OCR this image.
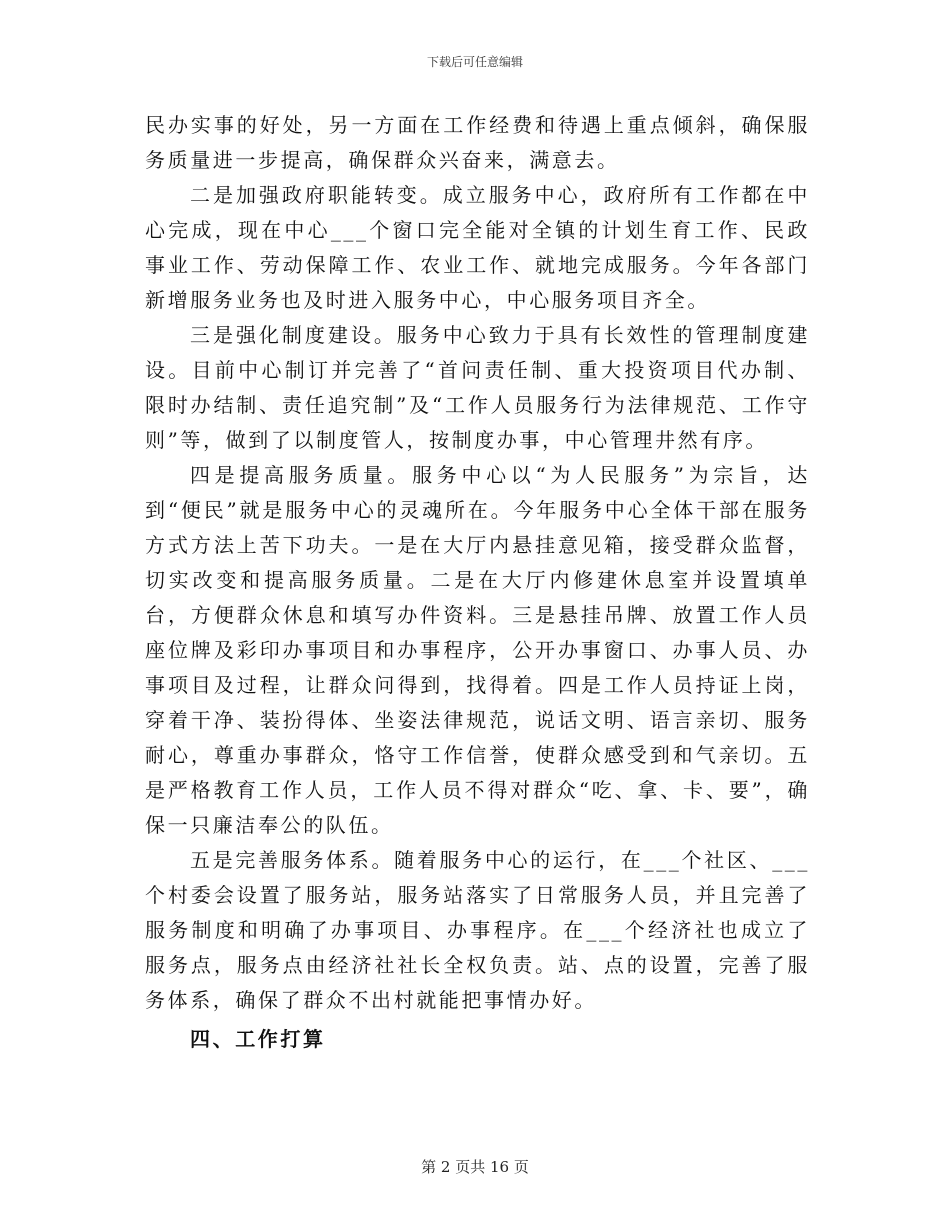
下载后可任意编辑

民办实事的好处，另一方面在工作经费和待遇上重点倾斜，确保服务质量进一步提高，确保群众兴奋来，满意去。

二是加强政府职能转变。成立服务中心，政府所有工作都在中心完成，现在中心___个窗口完全能对全镇的计划生育工作、民政事业工作、劳动保障工作、农业工作、就地完成服务。今年各部门新增服务业务也及时进入服务中心，中心服务项目齐全。

三是强化制度建设。服务中心致力于具有长效性的管理制度建设。目前中心制订并完善了“首问责任制、重大投资项目代办制、限时办结制、责任追究制”及“工作人员服务行为法律规范、工作守则”等，做到了以制度管人，按制度办事，中心管理井然有序。

四是提高服务质量。服务中心以“为人民服务”为宗旨，达到“便民”就是服务中心的灵魂所在。今年服务中心全体干部在服务方式方法上苦下功夫。一是在大厅内悬挂意见箱，接受群众监督，切实改变和提高服务质量。二是在大厅内修建休息室并设置填单台，方便群众休息和填写办件资料。三是悬挂吊牌、放置工作人员座位牌及彩印办事项目和办事程序，公开办事窗口、办事人员、办事项目及过程，让群众问得到，找得着。四是工作人员持证上岗，穿着干净、装扮得体、坐姿法律规范，说话文明、语言亲切、服务耐心，尊重办事群众，恪守工作信誉，使群众感受到和气亲切。五是严格教育工作人员，工作人员不得对群众“吃、拿、卡、要”，确保一只廉洁奉公的队伍。

五是完善服务体系。随着服务中心的运行，在___个社区、___个村委会设置了服务站，服务站落实了日常服务人员，并且完善了服务制度和明确了办事项目、办事程序。在___个经济社也成立了服务点，服务点由经济社社长全权负责。站、点的设置，完善了服务体系，确保了群众不出村就能把事情办好。

四、工作打算
第 2 页共 16 页
